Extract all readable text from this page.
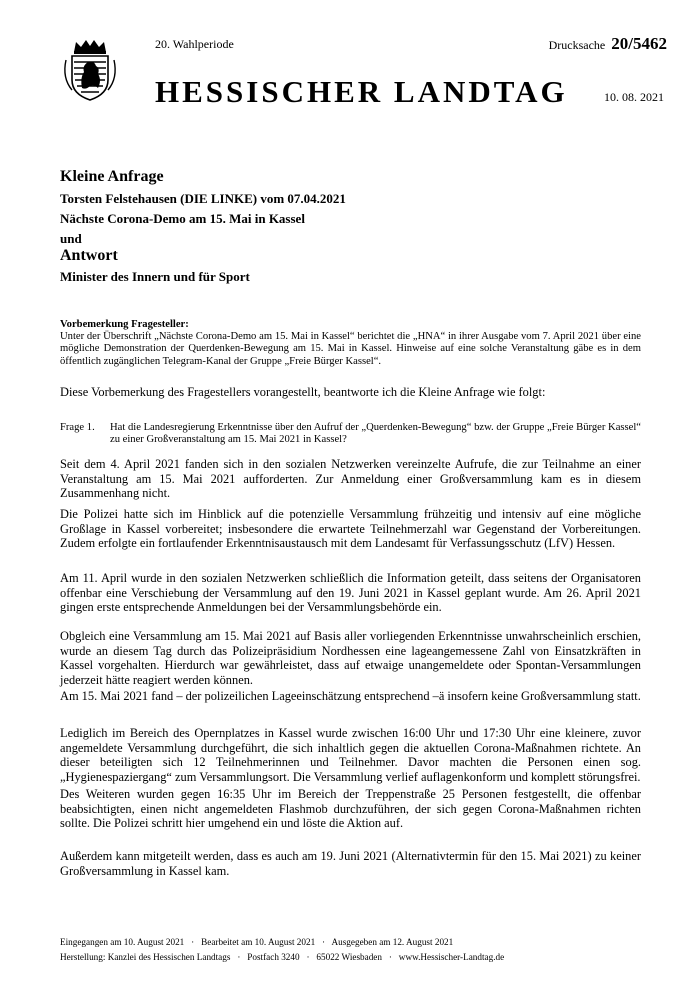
20. Wahlperiode	Drucksache 20/5462
HESSISCHER LANDTAG	10. 08. 2021
Kleine Anfrage
Torsten Felstehausen (DIE LINKE) vom 07.04.2021
Nächste Corona-Demo am 15. Mai in Kassel
und
Antwort
Minister des Innern und für Sport
Vorbemerkung Fragesteller:
Unter der Überschrift „Nächste Corona-Demo am 15. Mai in Kassel“ berichtet die „HNA“ in ihrer Ausgabe vom 7. April 2021 über eine mögliche Demonstration der Querdenken-Bewegung am 15. Mai in Kassel. Hinweise auf eine solche Veranstaltung gäbe es in dem öffentlich zugänglichen Telegram-Kanal der Gruppe „Freie Bürger Kassel“.
Diese Vorbemerkung des Fragestellers vorangestellt, beantworte ich die Kleine Anfrage wie folgt:
Frage 1. Hat die Landesregierung Erkenntnisse über den Aufruf der „Querdenken-Bewegung“ bzw. der Gruppe „Freie Bürger Kassel“ zu einer Großveranstaltung am 15. Mai 2021 in Kassel?

Seit dem 4. April 2021 fanden sich in den sozialen Netzwerken vereinzelte Aufrufe, die zur Teilnahme an einer Veranstaltung am 15. Mai 2021 aufforderten. Zur Anmeldung einer Großversammlung kam es in diesem Zusammenhang nicht.

Die Polizei hatte sich im Hinblick auf die potenzielle Versammlung frühzeitig und intensiv auf eine mögliche Großlage in Kassel vorbereitet; insbesondere die erwartete Teilnehmerzahl war Gegenstand der Vorbereitungen. Zudem erfolgte ein fortlaufender Erkenntnisaustausch mit dem Landesamt für Verfassungsschutz (LfV) Hessen.

Am 11. April wurde in den sozialen Netzwerken schließlich die Information geteilt, dass seitens der Organisatoren offenbar eine Verschiebung der Versammlung auf den 19. Juni 2021 in Kassel geplant wurde. Am 26. April 2021 gingen erste entsprechende Anmeldungen bei der Versammlungsbehörde ein.

Obgleich eine Versammlung am 15. Mai 2021 auf Basis aller vorliegenden Erkenntnisse unwahrscheinlich erschien, wurde an diesem Tag durch das Polizeipräsidium Nordhessen eine lageangemessene Zahl von Einsatzkräften in Kassel vorgehalten. Hierdurch war gewährleistet, dass auf etwaige unangemeldete oder Spontan-Versammlungen jederzeit hätte reagiert werden können.

Am 15. Mai 2021 fand – der polizeilichen Lageeinschätzung entsprechend –ä insofern keine Großversammlung statt.

Lediglich im Bereich des Opernplatzes in Kassel wurde zwischen 16:00 Uhr und 17:30 Uhr eine kleinere, zuvor angemeldete Versammlung durchgeführt, die sich inhaltlich gegen die aktuellen Corona-Maßnahmen richtete. An dieser beteiligten sich 12 Teilnehmerinnen und Teilnehmer. Davor machten die Personen einen sog. „Hygienespaziergang“ zum Versammlungsort. Die Versammlung verlief auflagenkonform und komplett störungsfrei.

Des Weiteren wurden gegen 16:35 Uhr im Bereich der Treppenstraße 25 Personen festgestellt, die offenbar beabsichtigten, einen nicht angemeldeten Flashmob durchzuführen, der sich gegen Corona-Maßnahmen richten sollte. Die Polizei schritt hier umgehend ein und löste die Aktion auf.

Außerdem kann mitgeteilt werden, dass es auch am 19. Juni 2021 (Alternativtermin für den 15. Mai 2021) zu keiner Großversammlung in Kassel kam.

Eingegangen am 10. August 2021   ·   Bearbeitet am 10. August 2021   ·   Ausgegeben am 12. August 2021
Herstellung: Kanzlei des Hessischen Landtags   ·   Postfach 3240   ·   65022 Wiesbaden   ·   www.Hessischer-Landtag.de
